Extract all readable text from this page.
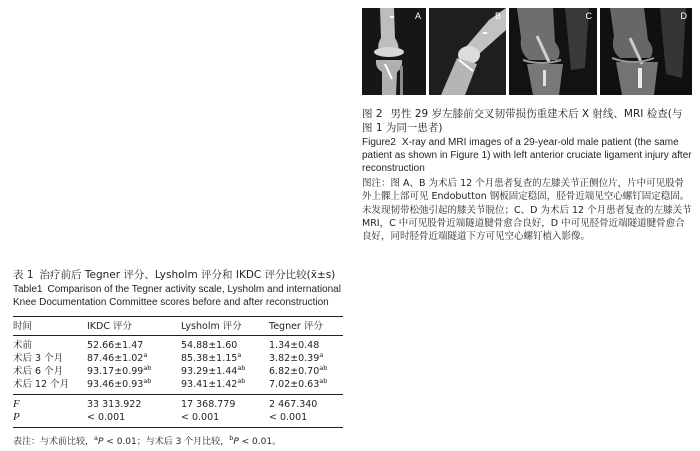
表 1 治疗前后 Tegner 评分、Lysholm 评分和 IKDC 评分比较(x̄±s)
Table1 Comparison of the Tegner activity scale, Lysholm and international Knee Documentation Committee scores before and after reconstruction
时间	IKDC 评分	Lysholm 评分	Tegner 评分
术前	52.66±1.47	54.88±1.60	1.34±0.48
术后 3 个月	87.46±1.02$^a$	85.38±1.15$^a$	3.82±0.39$^a$
术后 6 个月	93.17±0.99$^{ab}$	93.29±1.44$^{ab}$	6.82±0.70$^{ab}$
术后 12 个月	93.46±0.93$^{ab}$	93.41±1.42$^{ab}$	7.02±0.63$^{ab}$
F	33 313.922	17 368.779	2 467.340
P	< 0.001	< 0.001	< 0.001
表注：与术前比较，$^a$P < 0.01；与术后 3 个月比较，$^b$P < 0.01。
A	B	C	D
图 2 男性 29 岁左膝前交叉韧带损伤重建术后 X 射线、MRI 检查(与图 1 为同一患者)
Figure2 X-ray and MRI images of a 29-year-old male patient (the same patient as shown in Figure 1) with left anterior cruciate ligament injury after reconstruction
图注：图 A、B 为术后 12 个月患者复查的左膝关节正侧位片，片中可见股骨外上髁上部可见 Endobutton 钢板固定稳固，胫骨近端见空心螺钉固定稳固。未发现韧带松弛引起的膝关节脱位；C、D 为术后 12 个月患者复查的左膝关节 MRI，C 中可见股骨近端隧道腱骨愈合良好，D 中可见胫骨近端隧道腱骨愈合良好，同时胫骨近端隧道下方可见空心螺钉植入影像。
